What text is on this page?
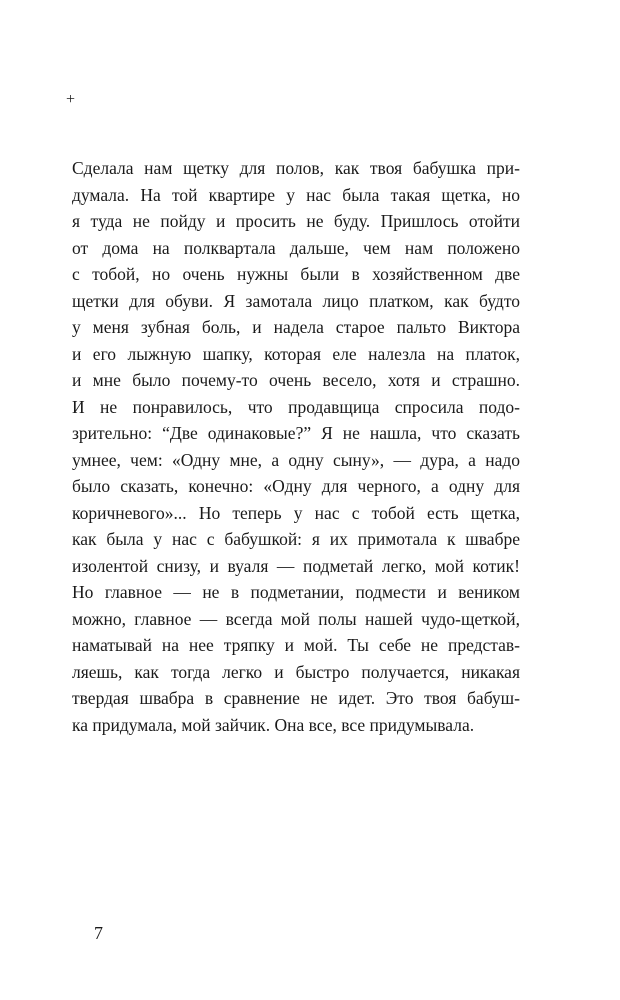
+
Сделала нам щетку для полов, как твоя бабушка при-
думала. На той квартире у нас была такая щетка, но
я туда не пойду и просить не буду. Пришлось отойти
от дома на полквартала дальше, чем нам положено
с тобой, но очень нужны были в хозяйственном две
щетки для обуви. Я замотала лицо платком, как будто
у меня зубная боль, и надела старое пальто Виктора
и его лыжную шапку, которая еле налезла на платок,
и мне было почему-то очень весело, хотя и страшно.
И не понравилось, что продавщица спросила подо-
зрительно: “Две одинаковые?” Я не нашла, что сказать
умнее, чем: «Одну мне, а одну сыну», — дура, а надо
было сказать, конечно: «Одну для черного, а одну для
коричневого»... Но теперь у нас с тобой есть щетка,
как была у нас с бабушкой: я их примотала к швабре
изолентой снизу, и вуаля — подметай легко, мой котик!
Но главное — не в подметании, подмести и веником
можно, главное — всегда мой полы нашей чудо-щеткой,
наматывай на нее тряпку и мой. Ты себе не представ-
ляешь, как тогда легко и быстро получается, никакая
твердая швабра в сравнение не идет. Это твоя бабуш-
ка придумала, мой зайчик. Она все, все придумывала.
7
